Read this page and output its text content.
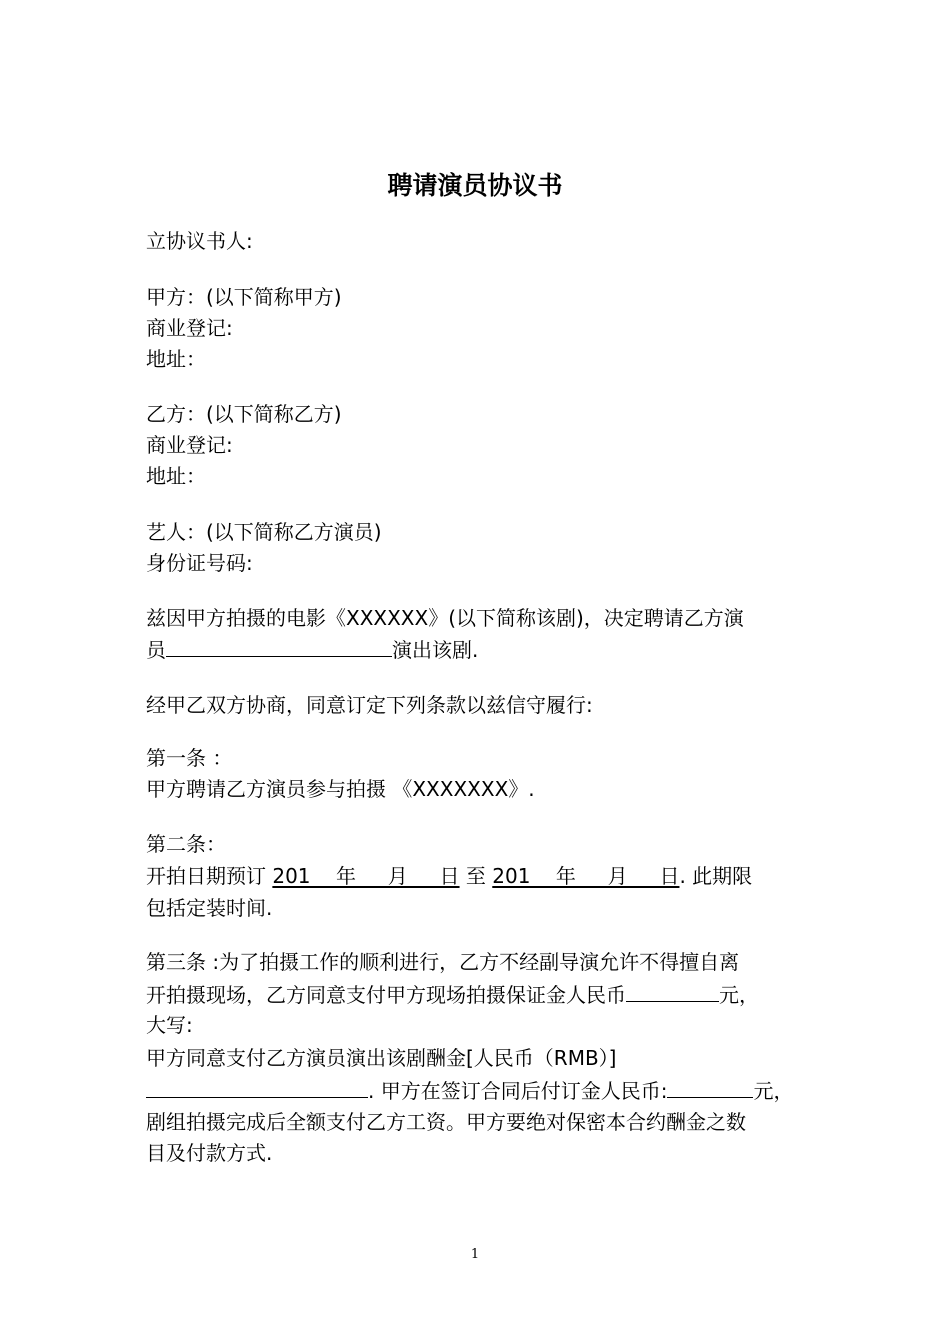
聘请演员协议书
立协议书人:
甲方：(以下简称甲方)
商业登记:
地址：
乙方：(以下简称乙方)
商业登记:
地址：
艺人：(以下简称乙方演员)
身份证号码:
兹因甲方拍摄的电影《XXXXXX》(以下简称该剧)，决定聘请乙方演
员	演出该剧.
经甲乙双方协商，同意订定下列条款以兹信守履行:
第一条 ：
甲方聘请乙方演员参与拍摄 《XXXXXXX》.
第二条：
开拍日期预订 201    年     月     日 至 201    年     月     日. 此期限
包括定装时间.
第三条 :为了拍摄工作的顺利进行，乙方不经副导演允许不得擅自离
开拍摄现场，乙方同意支付甲方现场拍摄保证金人民币	元，
大写:
甲方同意支付乙方演员演出该剧酬金[人民币（RMB）]
. 甲方在签订合同后付订金人民币:	元，
剧组拍摄完成后全额支付乙方工资。甲方要绝对保密本合约酬金之数
目及付款方式.
1
